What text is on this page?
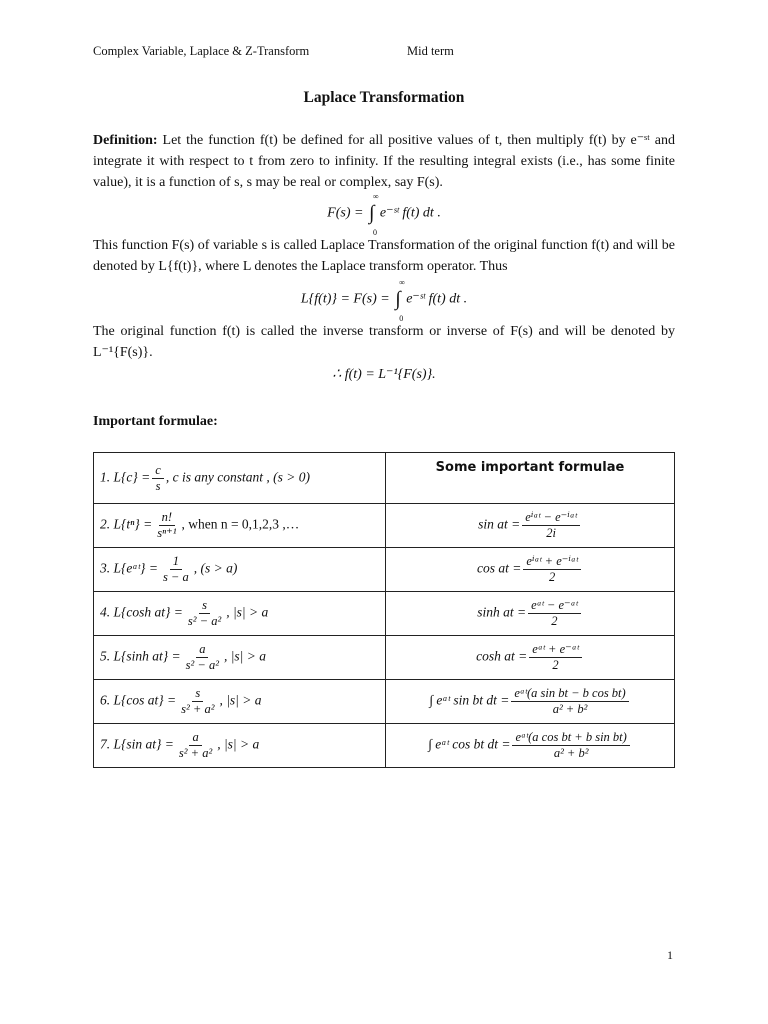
Complex Variable, Laplace & Z-Transform	Mid term
Laplace Transformation
Definition: Let the function f(t) be defined for all positive values of t, then multiply f(t) by e⁻ˢᵗ and integrate it with respect to t from zero to infinity. If the resulting integral exists (i.e., has some finite value), it is a function of s, s may be real or complex, say F(s).
F(s) = ∫
∞
0
e⁻ˢᵗ f(t) dt .
This function F(s) of variable s is called Laplace Transformation of the original function f(t) and will be denoted by L{f(t)}, where L denotes the Laplace transform operator. Thus
L{f(t)} = F(s) = ∫
∞
0
e⁻ˢᵗ f(t) dt .
The original function f(t) is called the inverse transform or inverse of F(s) and will be denoted by L⁻¹{F(s)}.
∴ f(t) = L⁻¹{F(s)}.
Important formulae:
1. $L\{c\} = \frac{c}{s}$ , c is any constant , (s > 0)	Some important formulae
2. $L\{t^n\} = \frac{n!}{\text{sⁿ⁺¹}}$ , when n = 0,1,2,3 ,…	sin at = $\frac{\text{eⁱᵃᵗ − e⁻ⁱᵃᵗ}}{2i}$

3. L{eᵃᵗ} = $\frac{1}{s - a}$ , (s > a)	cos at = $\frac{\text{eⁱᵃᵗ + e⁻ⁱᵃᵗ}}{2}$

4. L{cosh $at\} = \frac{s}{\text{s² − a²}}$ , |s| > a	sinh at = $\frac{\text{eᵃᵗ − e⁻ᵃᵗ}}{2}$

5. L{sinh $at\} = \frac{a}{\text{s² − a²}}$ , |s| > a	cosh at = $\frac{\text{eᵃᵗ + e⁻ᵃᵗ}}{2}$

6. L{cos $at\} = \frac{s}{\text{s² + a²}}$ , |s| > a	∫ eᵃᵗ sin bt dt = $\frac{\text{eᵃᵗ(a sin bt − b cos bt)}}{\text{a² + b²}}$

7. L{sin $at\} = \frac{a}{\text{s² + a²}}$ , |s| > a	∫ eᵃᵗ cos bt dt = $\frac{\text{eᵃᵗ(a cos bt + b sin bt)}}{\text{a² + b²}}$
1
